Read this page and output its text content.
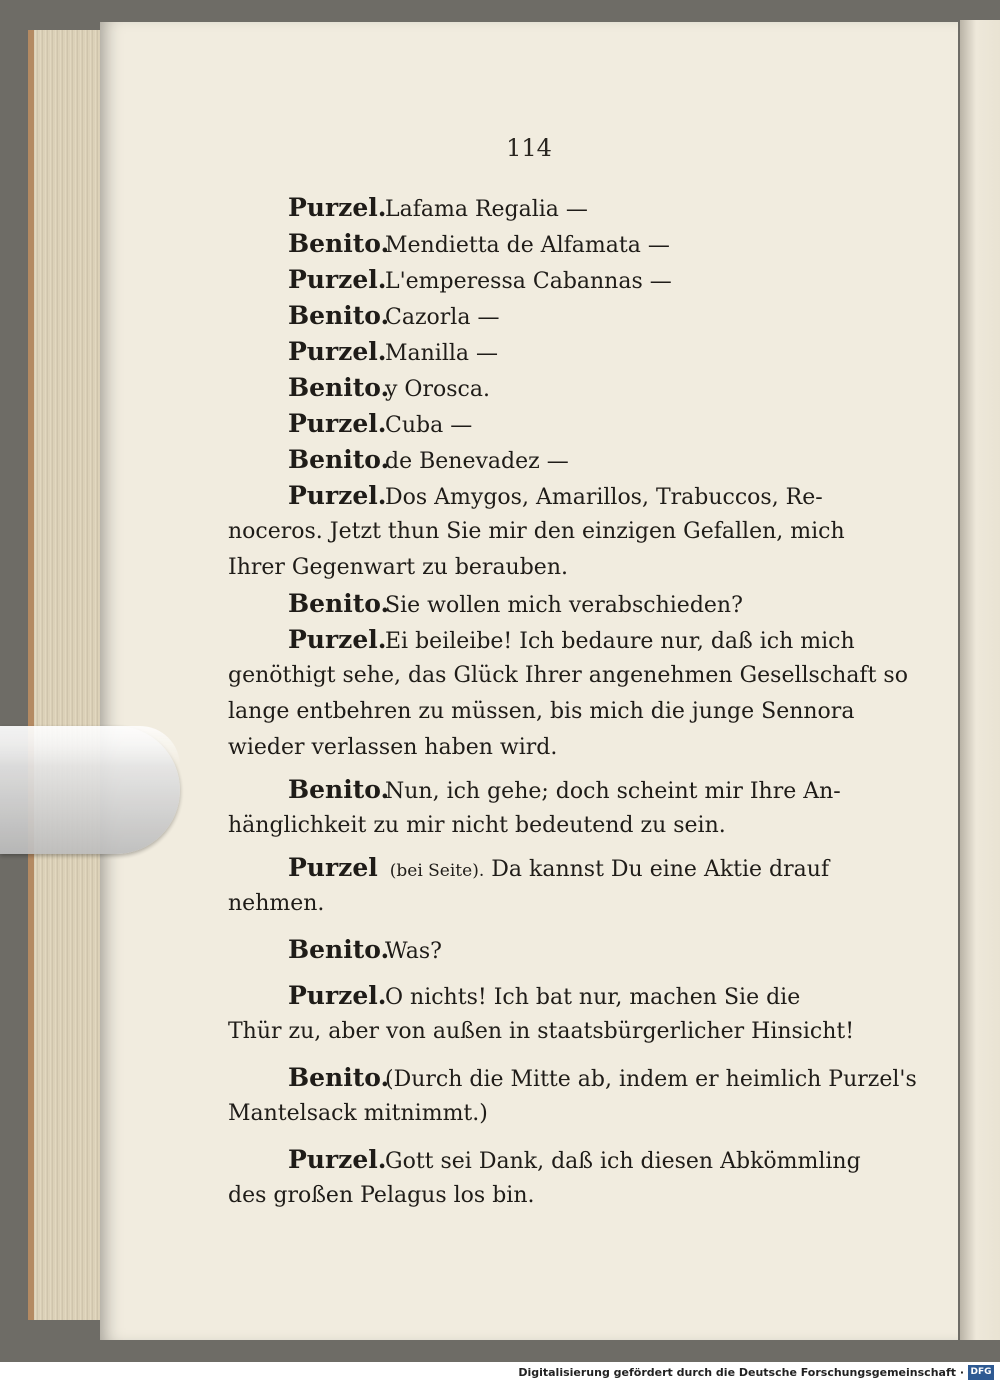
114
Purzel.Lafama Regalia —
Benito.Mendietta de Alfamata —
Purzel.L'emperessa Cabannas —
Benito.Cazorla —
Purzel.Manilla —
Benito.y Orosca.
Purzel.Cuba —
Benito.de Benevadez —
Purzel.Dos Amygos, Amarillos, Trabuccos, Re-
noceros. Jetzt thun Sie mir den einzigen Gefallen, mich
Ihrer Gegenwart zu berauben.
Benito.Sie wollen mich verabschieden?
Purzel.Ei beileibe! Ich bedaure nur, daß ich mich
genöthigt sehe, das Glück Ihrer angenehmen Gesellschaft so
lange entbehren zu müssen, bis mich die junge Sennora
wieder verlassen haben wird.
Benito.Nun, ich gehe; doch scheint mir Ihre An-
hänglichkeit zu mir nicht bedeutend zu sein.
Purzel (bei Seite). Da kannst Du eine Aktie drauf
nehmen.
Benito.Was?
Purzel.O nichts! Ich bat nur, machen Sie die
Thür zu, aber von außen in staatsbürgerlicher Hinsicht!
Benito.(Durch die Mitte ab, indem er heimlich Purzel's
Mantelsack mitnimmt.)
Purzel.Gott sei Dank, daß ich diesen Abkömmling
des großen Pelagus los bin.
Digitalisierung gefördert durch die Deutsche Forschungsgemeinschaft · DFG
